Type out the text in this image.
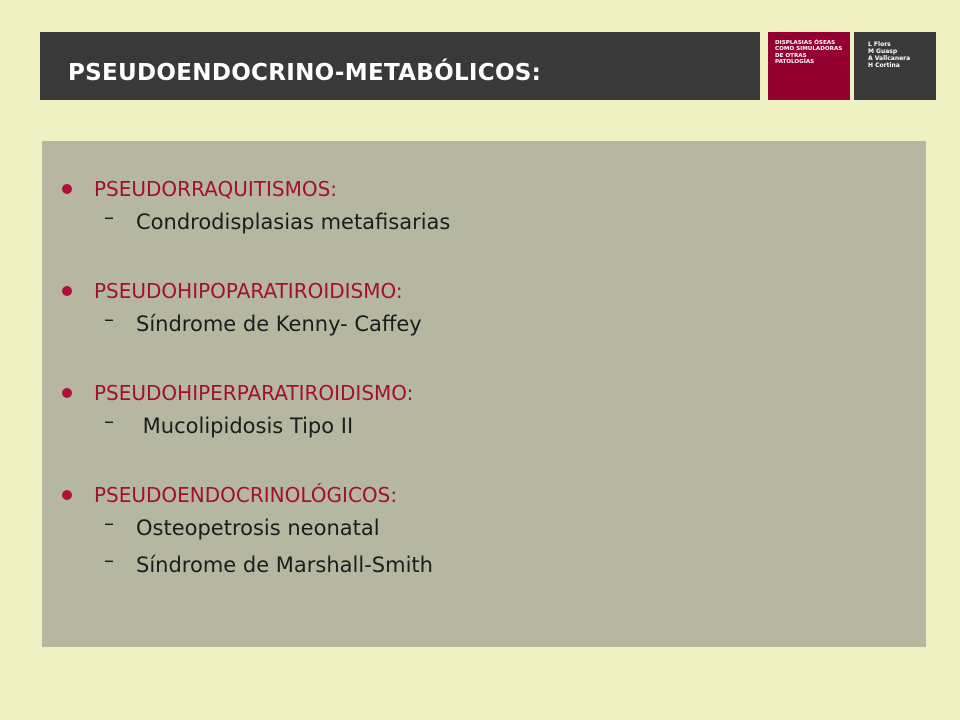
PSEUDOENDOCRINO-METABÓLICOS:
DISPLASIAS ÓSEAS COMO SIMULADORAS DE OTRAS PATOLOGÍAS
L Flors
M Guasp
A Vallcanera
H Cortina
PSEUDORRAQUITISMOS:
– Condrodisplasias metafisarias
PSEUDOHIPOPARATIROIDISMO:
– Síndrome de Kenny- Caffey
PSEUDOHIPERPARATIROIDISMO:
– Mucolipidosis Tipo II
PSEUDOENDOCRINOLÓGICOS:
– Osteopetrosis neonatal
– Síndrome de Marshall-Smith
